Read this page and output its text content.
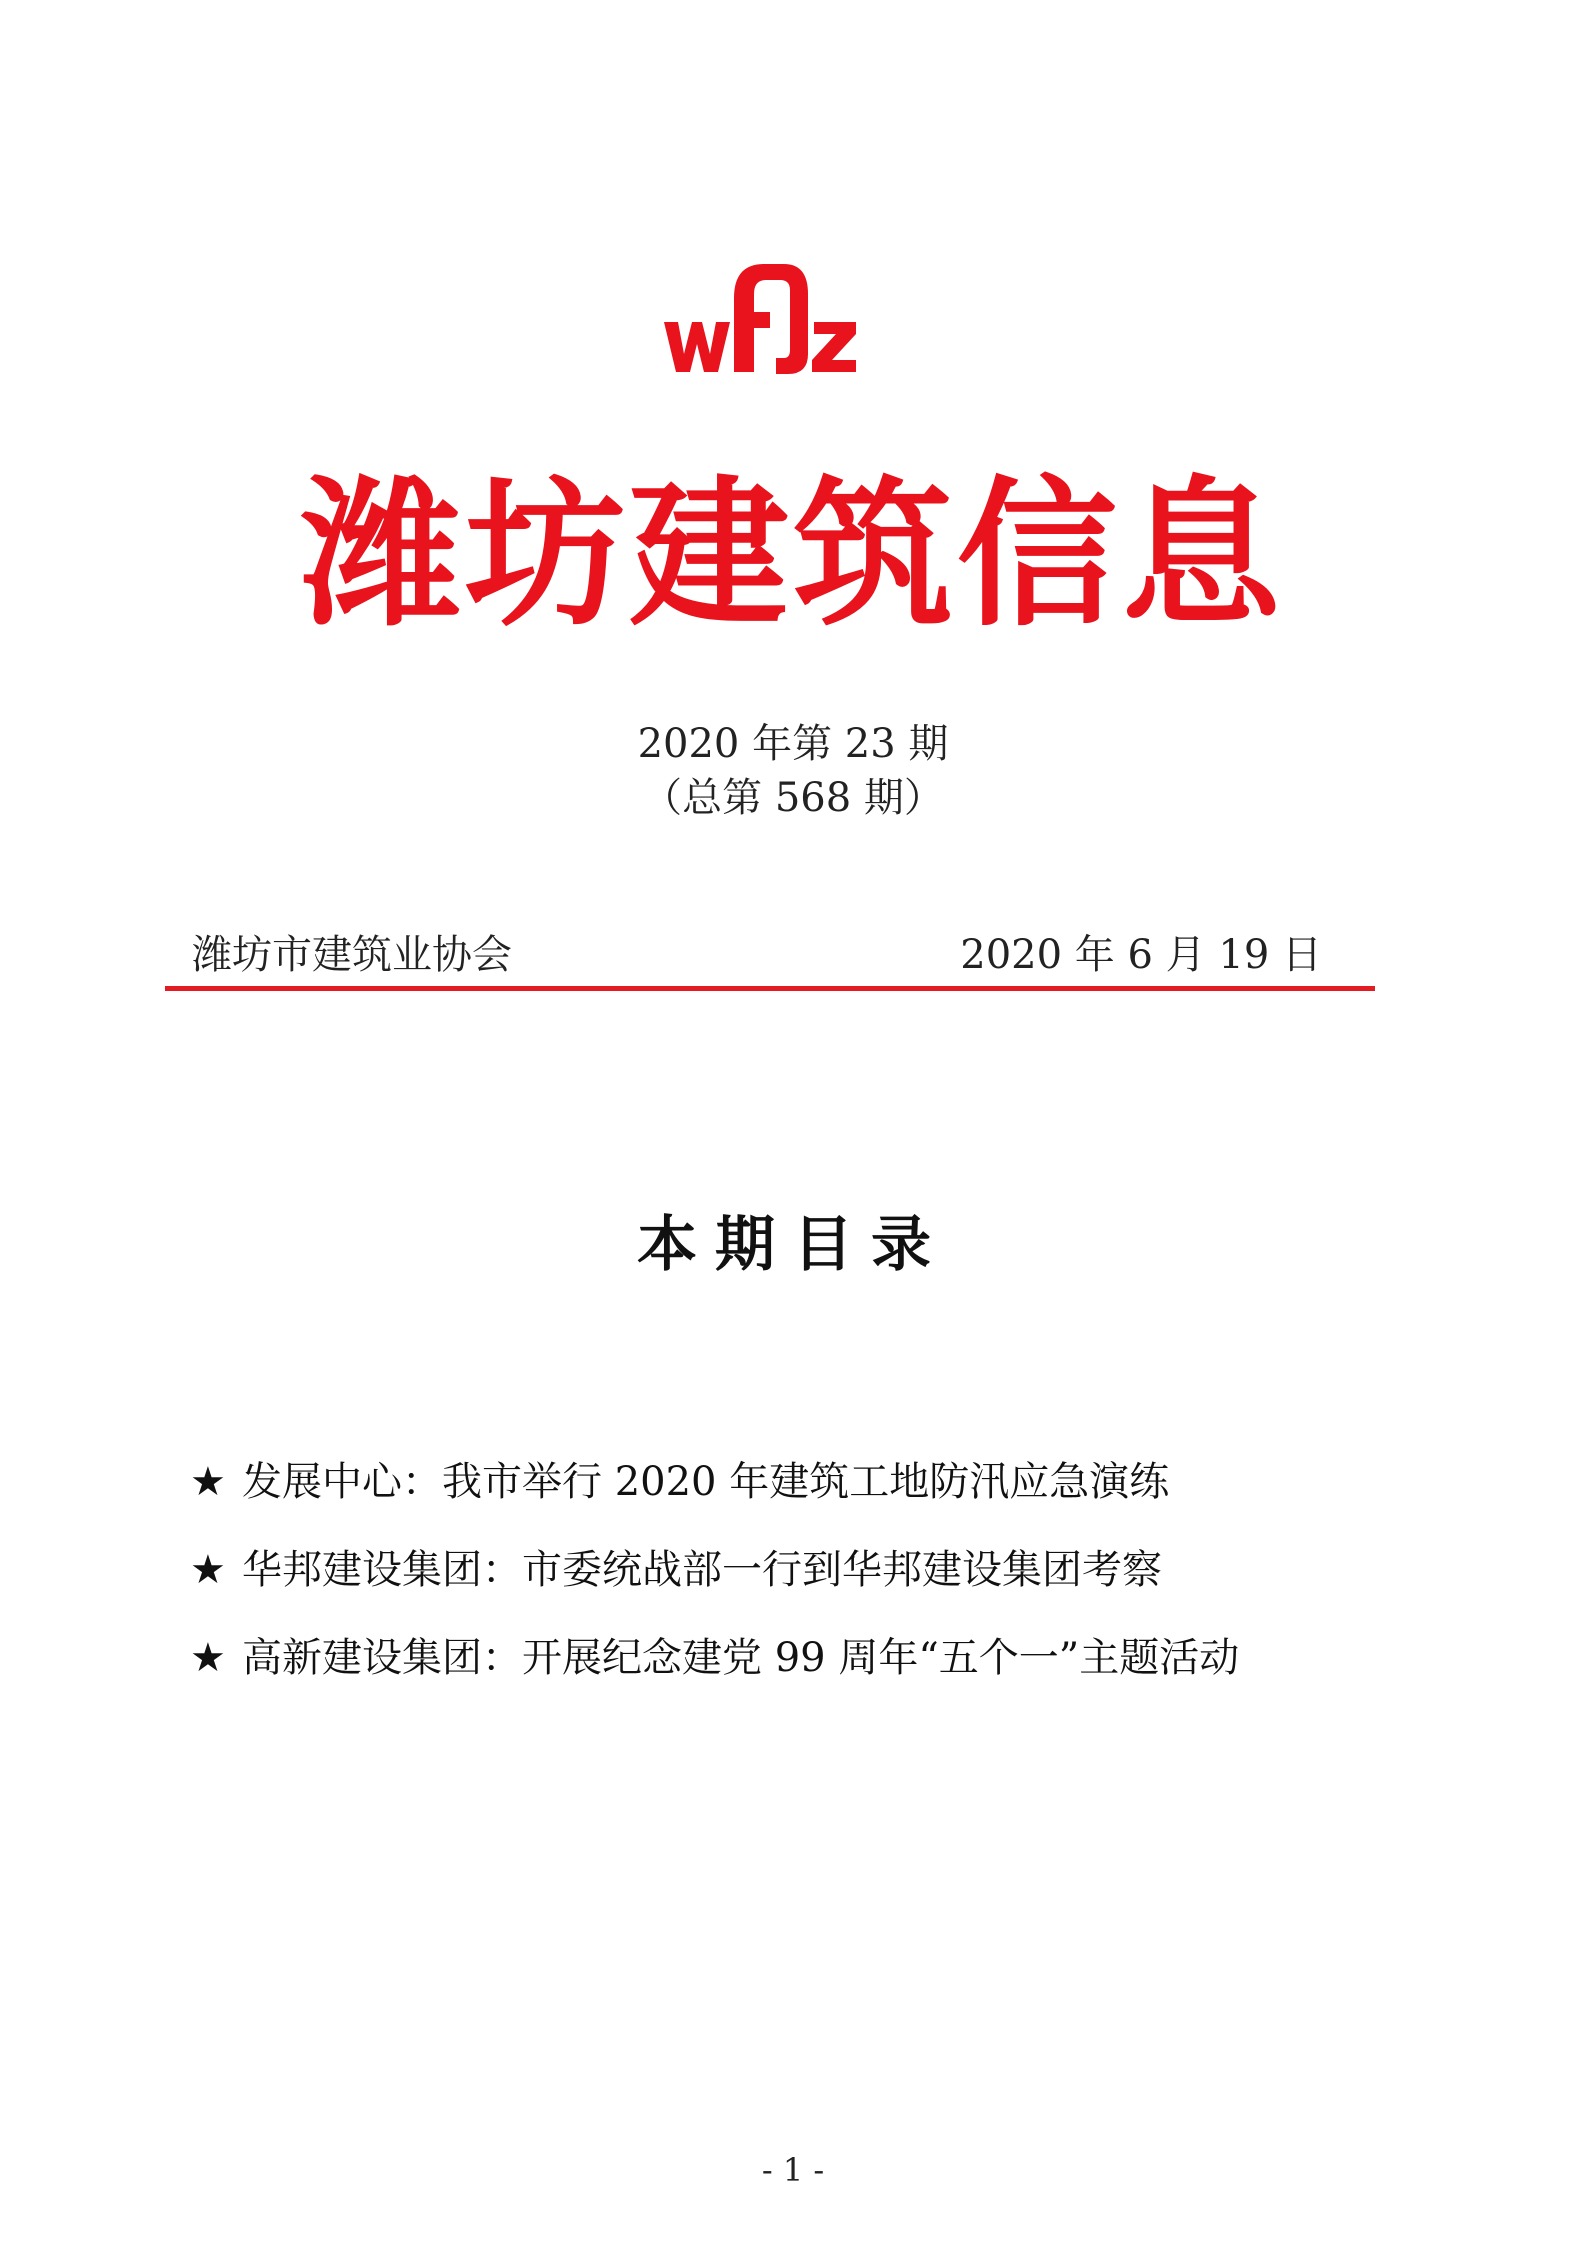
潍坊建筑信息
2020 年第 23 期
（总第 568 期）
潍坊市建筑业协会	2020 年 6 月 19 日
本期目录
★ 发展中心：我市举行 2020 年建筑工地防汛应急演练
★ 华邦建设集团：市委统战部一行到华邦建设集团考察
★ 高新建设集团：开展纪念建党 99 周年“五个一”主题活动
- 1 -
